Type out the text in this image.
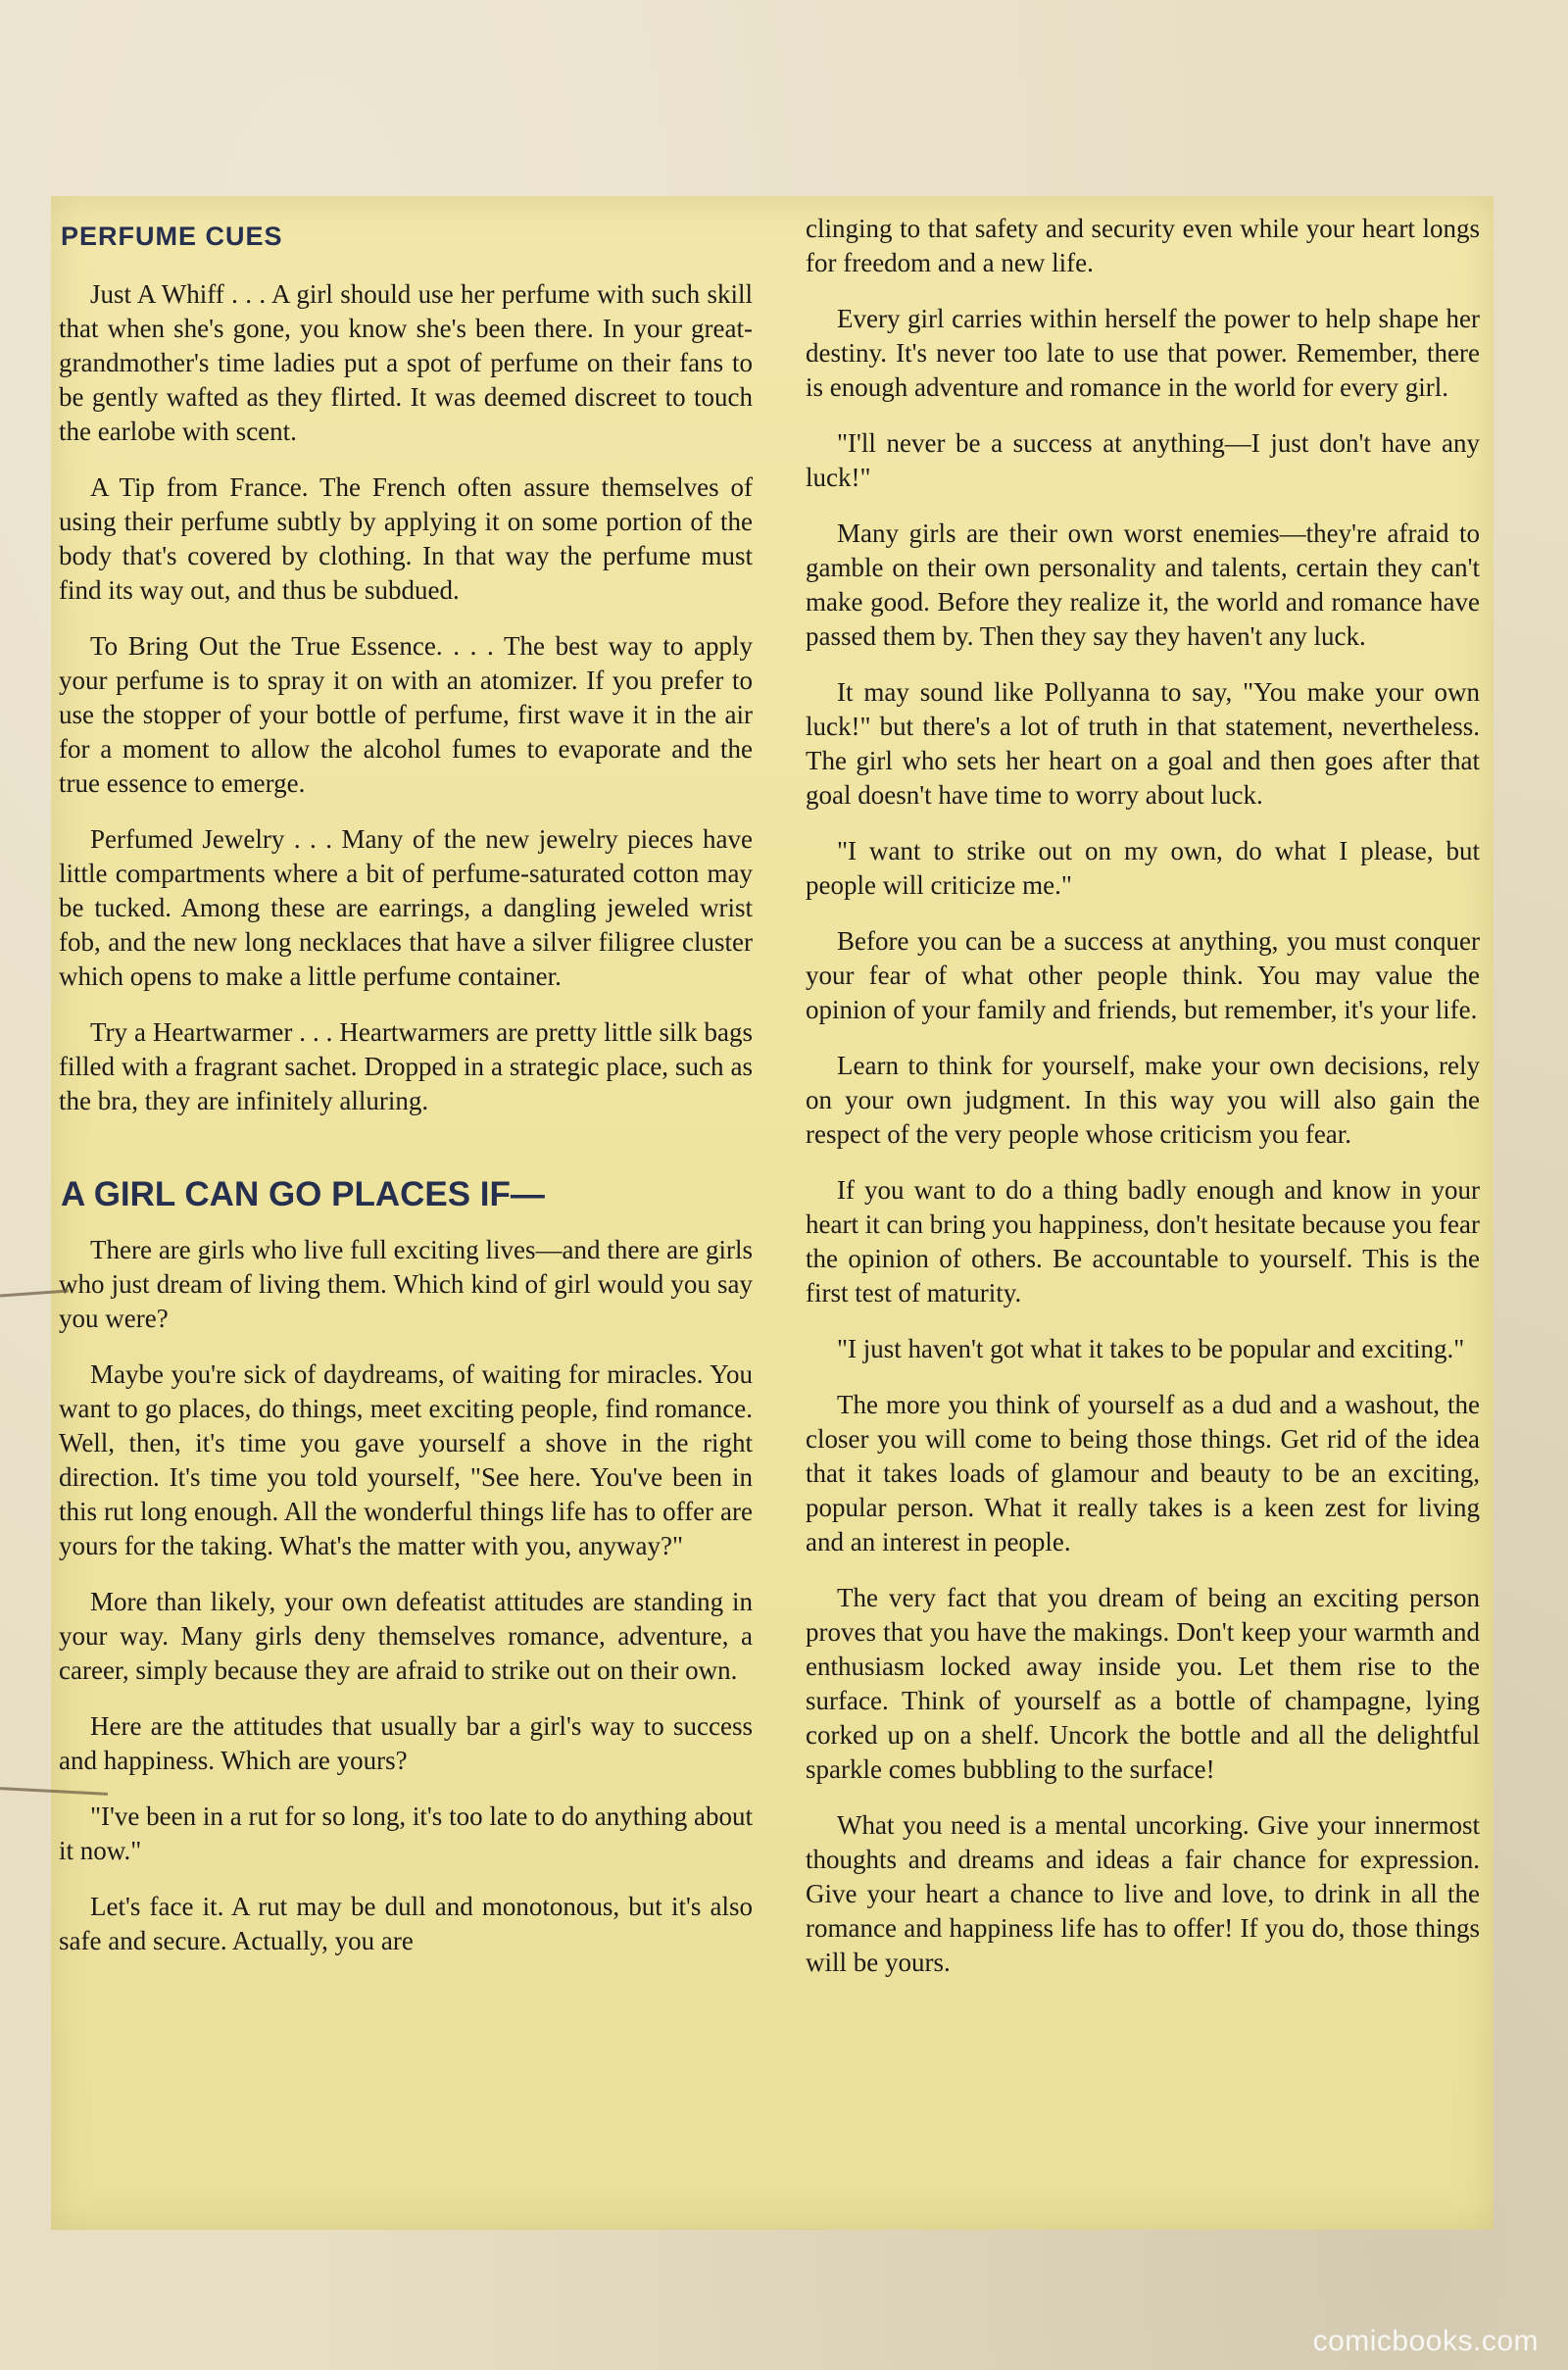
PERFUME CUES

Just A Whiff . . . A girl should use her perfume with such skill that when she's gone, you know she's been there. In your great-grandmother's time ladies put a spot of perfume on their fans to be gently wafted as they flirted. It was deemed discreet to touch the earlobe with scent.

A Tip from France. The French often assure themselves of using their perfume subtly by applying it on some portion of the body that's covered by clothing. In that way the perfume must find its way out, and thus be subdued.

To Bring Out the True Essence. . . . The best way to apply your perfume is to spray it on with an atomizer. If you prefer to use the stopper of your bottle of perfume, first wave it in the air for a moment to allow the alcohol fumes to evaporate and the true essence to emerge.

Perfumed Jewelry . . . Many of the new jewelry pieces have little compartments where a bit of perfume-saturated cotton may be tucked. Among these are earrings, a dangling jeweled wrist fob, and the new long necklaces that have a silver filigree cluster which opens to make a little perfume container.

Try a Heartwarmer . . . Heartwarmers are pretty little silk bags filled with a fragrant sachet. Dropped in a strategic place, such as the bra, they are infinitely alluring.

A GIRL CAN GO PLACES IF—

There are girls who live full exciting lives—and there are girls who just dream of living them. Which kind of girl would you say you were?

Maybe you're sick of daydreams, of waiting for miracles. You want to go places, do things, meet exciting people, find romance. Well, then, it's time you gave yourself a shove in the right direction. It's time you told yourself, "See here. You've been in this rut long enough. All the wonderful things life has to offer are yours for the taking. What's the matter with you, anyway?"

More than likely, your own defeatist attitudes are standing in your way. Many girls deny themselves romance, adventure, a career, simply because they are afraid to strike out on their own.

Here are the attitudes that usually bar a girl's way to success and happiness. Which are yours?

"I've been in a rut for so long, it's too late to do anything about it now."

Let's face it. A rut may be dull and monotonous, but it's also safe and secure. Actually, you are

clinging to that safety and security even while your heart longs for freedom and a new life.

Every girl carries within herself the power to help shape her destiny. It's never too late to use that power. Remember, there is enough adventure and romance in the world for every girl.

"I'll never be a success at anything—I just don't have any luck!"

Many girls are their own worst enemies—they're afraid to gamble on their own personality and talents, certain they can't make good. Before they realize it, the world and romance have passed them by. Then they say they haven't any luck.

It may sound like Pollyanna to say, "You make your own luck!" but there's a lot of truth in that statement, nevertheless. The girl who sets her heart on a goal and then goes after that goal doesn't have time to worry about luck.

"I want to strike out on my own, do what I please, but people will criticize me."

Before you can be a success at anything, you must conquer your fear of what other people think. You may value the opinion of your family and friends, but remember, it's your life.

Learn to think for yourself, make your own decisions, rely on your own judgment. In this way you will also gain the respect of the very people whose criticism you fear.

If you want to do a thing badly enough and know in your heart it can bring you happiness, don't hesitate because you fear the opinion of others. Be accountable to yourself. This is the first test of maturity.

"I just haven't got what it takes to be popular and exciting."

The more you think of yourself as a dud and a washout, the closer you will come to being those things. Get rid of the idea that it takes loads of glamour and beauty to be an exciting, popular person. What it really takes is a keen zest for living and an interest in people.

The very fact that you dream of being an exciting person proves that you have the makings. Don't keep your warmth and enthusiasm locked away inside you. Let them rise to the surface. Think of yourself as a bottle of champagne, lying corked up on a shelf. Uncork the bottle and all the delightful sparkle comes bubbling to the surface!

What you need is a mental uncorking. Give your innermost thoughts and dreams and ideas a fair chance for expression. Give your heart a chance to live and love, to drink in all the romance and happiness life has to offer! If you do, those things will be yours.

comicbooks.com
